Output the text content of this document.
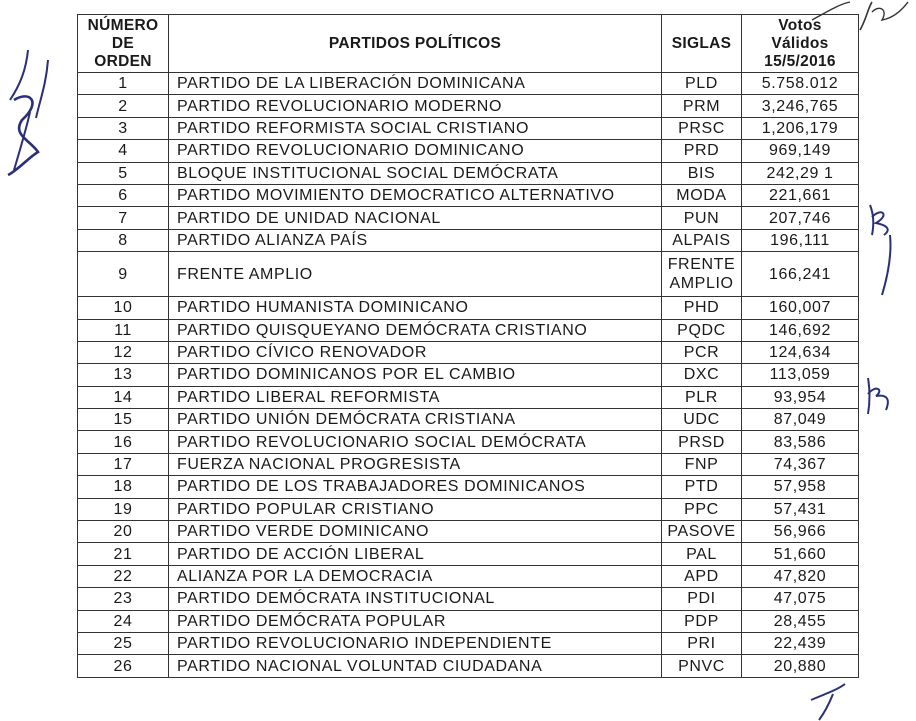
NÚMERO
DE
ORDEN	PARTIDOS POLÍTICOS	SIGLAS	Votos
Válidos
15/5/2016

1	PARTIDO DE LA LIBERACIÓN DOMINICANA	PLD	5.758.012
2	PARTIDO REVOLUCIONARIO MODERNO	PRM	3,246,765
3	PARTIDO REFORMISTA SOCIAL CRISTIANO	PRSC	1,206,179
4	PARTIDO REVOLUCIONARIO DOMINICANO	PRD	969,149
5	BLOQUE INSTITUCIONAL SOCIAL DEMÓCRATA	BIS	242,29 1
6	PARTIDO MOVIMIENTO DEMOCRATICO ALTERNATIVO	MODA	221,661
7	PARTIDO DE UNIDAD NACIONAL	PUN	207,746
8	PARTIDO ALIANZA PAÍS	ALPAIS	196,111
9	FRENTE AMPLIO	FRENTE
AMPLIO	166,241
10	PARTIDO HUMANISTA DOMINICANO	PHD	160,007
11	PARTIDO QUISQUEYANO DEMÓCRATA CRISTIANO	PQDC	146,692
12	PARTIDO CÍVICO RENOVADOR	PCR	124,634
13	PARTIDO DOMINICANOS POR EL CAMBIO	DXC	113,059
14	PARTIDO LIBERAL REFORMISTA	PLR	93,954
15	PARTIDO UNIÓN DEMÓCRATA CRISTIANA	UDC	87,049
16	PARTIDO REVOLUCIONARIO SOCIAL DEMÓCRATA	PRSD	83,586
17	FUERZA NACIONAL PROGRESISTA	FNP	74,367
18	PARTIDO DE LOS TRABAJADORES DOMINICANOS	PTD	57,958
19	PARTIDO POPULAR CRISTIANO	PPC	57,431
20	PARTIDO VERDE DOMINICANO	PASOVE	56,966
21	PARTIDO DE ACCIÓN LIBERAL	PAL	51,660
22	ALIANZA POR LA DEMOCRACIA	APD	47,820
23	PARTIDO DEMÓCRATA INSTITUCIONAL	PDI	47,075
24	PARTIDO DEMÓCRATA POPULAR	PDP	28,455
25	PARTIDO REVOLUCIONARIO INDEPENDIENTE	PRI	22,439
26	PARTIDO NACIONAL VOLUNTAD CIUDADANA	PNVC	20,880
